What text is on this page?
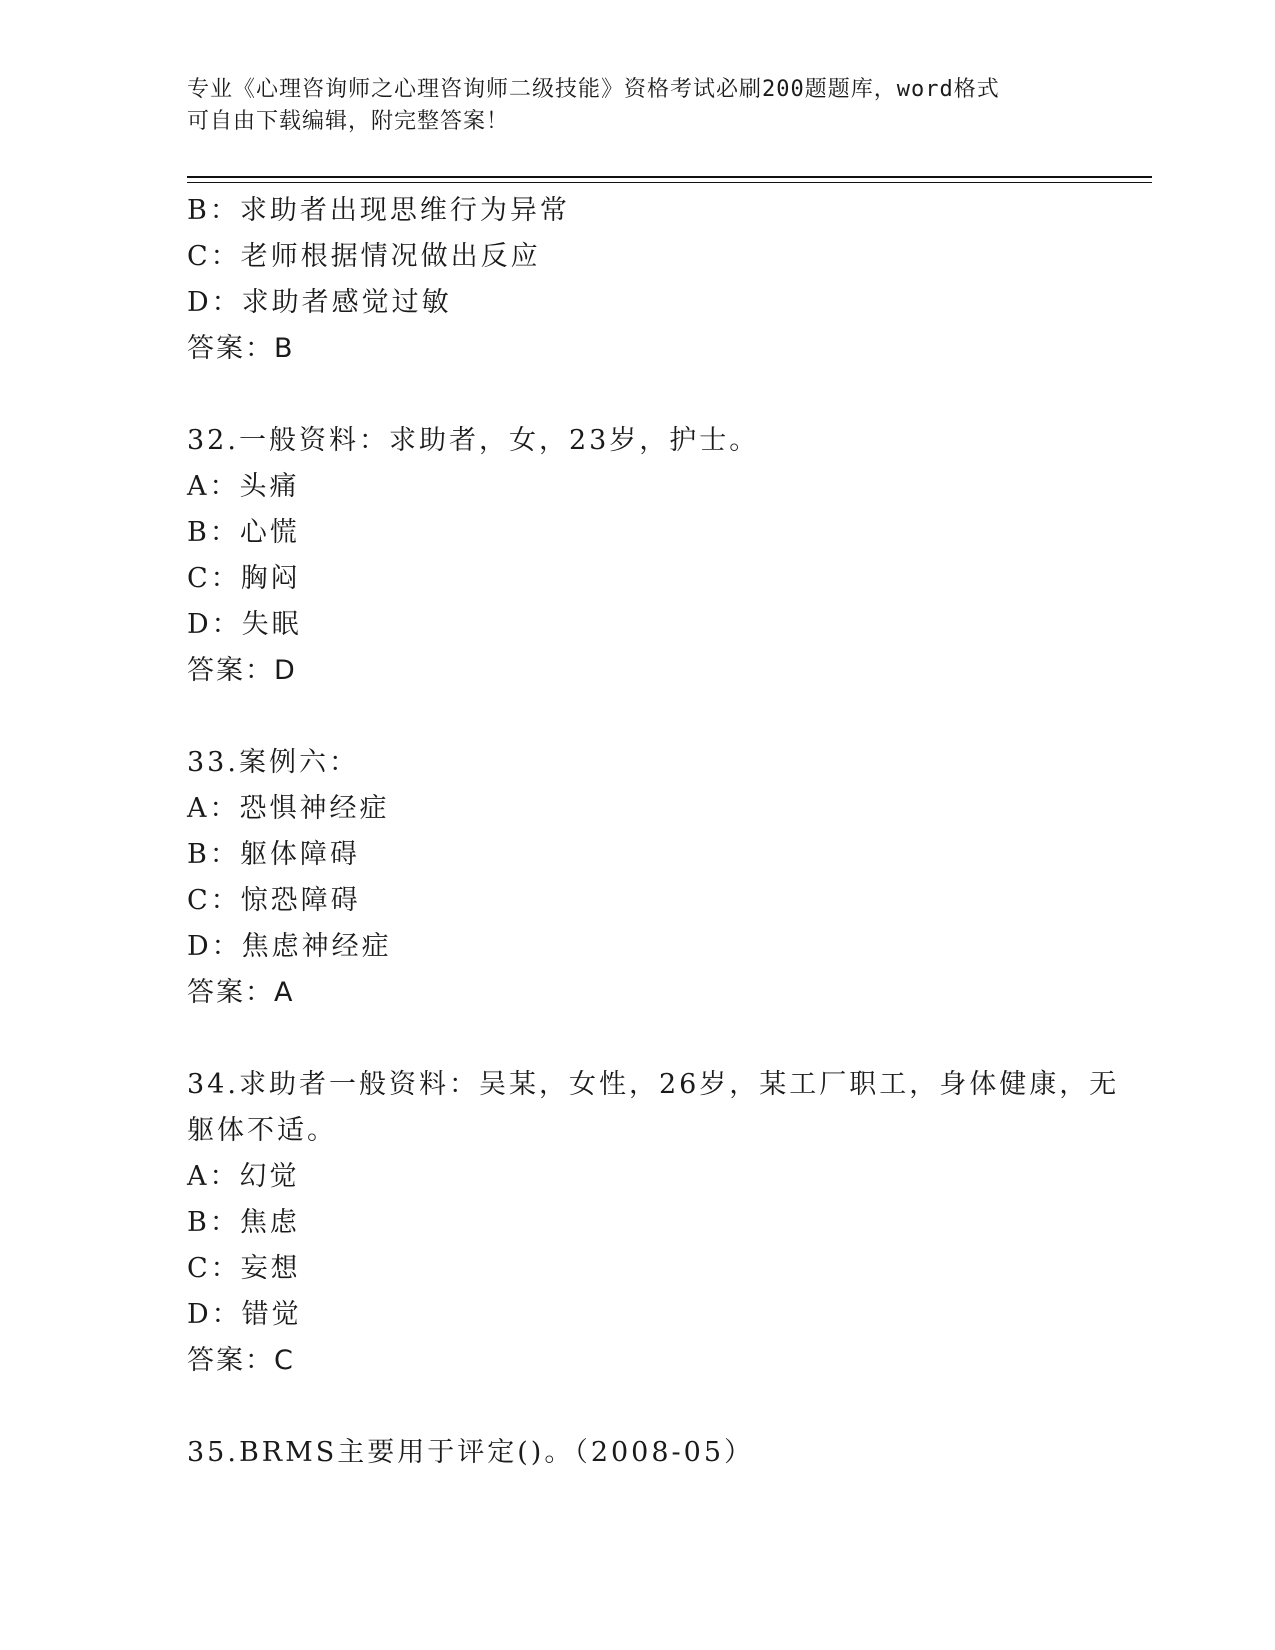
专业《心理咨询师之心理咨询师二级技能》资格考试必刷200题题库，word格式
可自由下载编辑，附完整答案！
B：求助者出现思维行为异常
C：老师根据情况做出反应
D：求助者感觉过敏
答案：B
32.一般资料：求助者，女，23岁，护士。
A：头痛
B：心慌
C：胸闷
D：失眠
答案：D
33.案例六：
A：恐惧神经症
B：躯体障碍
C：惊恐障碍
D：焦虑神经症
答案：A
34.求助者一般资料：吴某，女性，26岁，某工厂职工，身体健康，无
躯体不适。
A：幻觉
B：焦虑
C：妄想
D：错觉
答案：C
35.BRMS主要用于评定()。（2008-05）
